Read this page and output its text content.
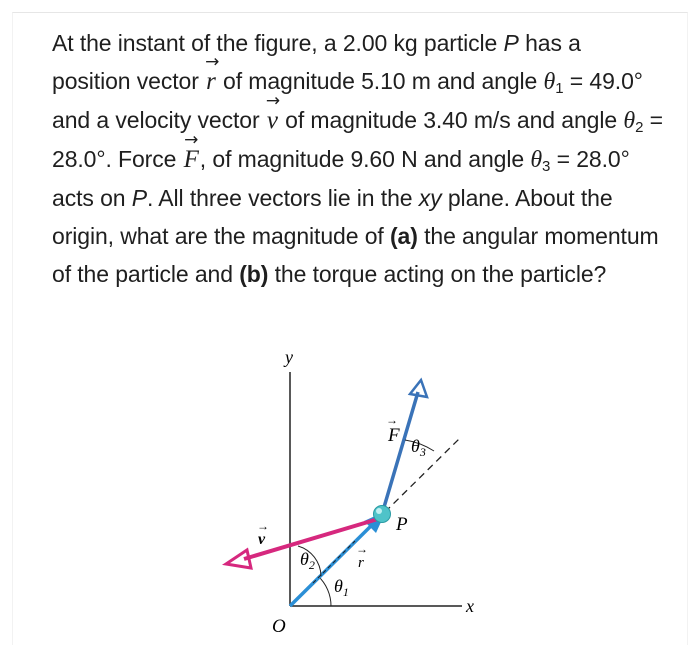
At the instant of the figure, a 2.00 kg particle P has a position vector
→
r of magnitude 5.10 m and angle $\theta_1 = 49.0^\circ$ and a velocity vector
→
v of magnitude 3.40 m/s and angle $\theta_2 = 28.0^\circ$. Force
→
F, of magnitude 9.60 N and angle $\theta_3 = 28.0^\circ$ acts on P. All three vectors lie in the xy plane. About the origin, what are the magnitude of (a) the angular momentum of the particle and (b) the torque acting on the particle?
y
x
O
$\theta_1$
r
→
v
→
$\theta_2$
F
→
$\theta_3$
P
